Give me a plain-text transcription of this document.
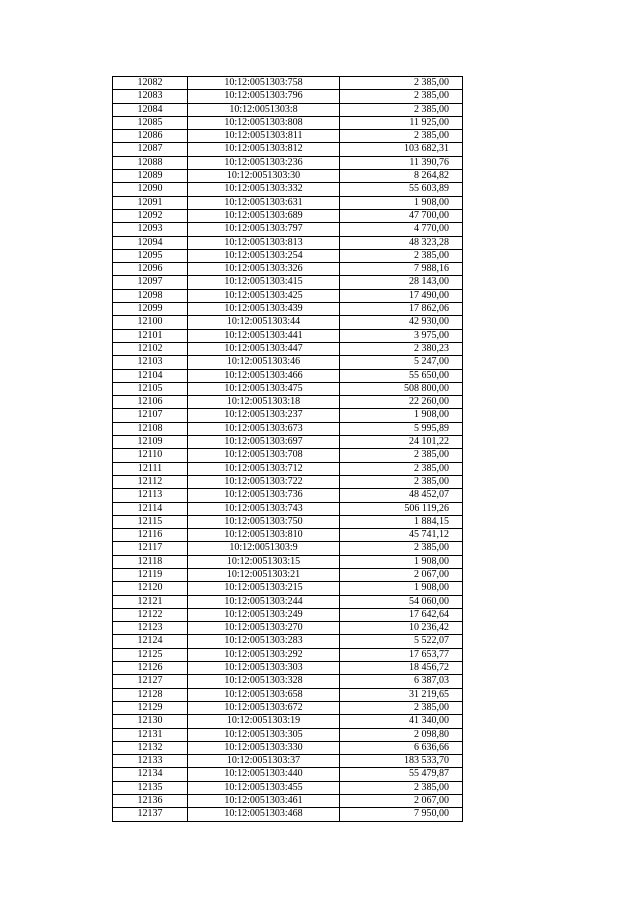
12082	10:12:0051303:758	2 385,00
12083	10:12:0051303:796	2 385,00
12084	10:12:0051303:8	2 385,00
12085	10:12:0051303:808	11 925,00
12086	10:12:0051303:811	2 385,00
12087	10:12:0051303:812	103 682,31
12088	10:12:0051303:236	11 390,76
12089	10:12:0051303:30	8 264,82
12090	10:12:0051303:332	55 603,89
12091	10:12:0051303:631	1 908,00
12092	10:12:0051303:689	47 700,00
12093	10:12:0051303:797	4 770,00
12094	10:12:0051303:813	48 323,28
12095	10:12:0051303:254	2 385,00
12096	10:12:0051303:326	7 988,16
12097	10:12:0051303:415	28 143,00
12098	10:12:0051303:425	17 490,00
12099	10:12:0051303:439	17 862,06
12100	10:12:0051303:44	42 930,00
12101	10:12:0051303:441	3 975,00
12102	10:12:0051303:447	2 380,23
12103	10:12:0051303:46	5 247,00
12104	10:12:0051303:466	55 650,00
12105	10:12:0051303:475	508 800,00
12106	10:12:0051303:18	22 260,00
12107	10:12:0051303:237	1 908,00
12108	10:12:0051303:673	5 995,89
12109	10:12:0051303:697	24 101,22
12110	10:12:0051303:708	2 385,00
12111	10:12:0051303:712	2 385,00
12112	10:12:0051303:722	2 385,00
12113	10:12:0051303:736	48 452,07
12114	10:12:0051303:743	506 119,26
12115	10:12:0051303:750	1 884,15
12116	10:12:0051303:810	45 741,12
12117	10:12:0051303:9	2 385,00
12118	10:12:0051303:15	1 908,00
12119	10:12:0051303:21	2 067,00
12120	10:12:0051303:215	1 908,00
12121	10:12:0051303:244	54 060,00
12122	10:12:0051303:249	17 642,64
12123	10:12:0051303:270	10 236,42
12124	10:12:0051303:283	5 522,07
12125	10:12:0051303:292	17 653,77
12126	10:12:0051303:303	18 456,72
12127	10:12:0051303:328	6 387,03
12128	10:12:0051303:658	31 219,65
12129	10:12:0051303:672	2 385,00
12130	10:12:0051303:19	41 340,00
12131	10:12:0051303:305	2 098,80
12132	10:12:0051303:330	6 636,66
12133	10:12:0051303:37	183 533,70
12134	10:12:0051303:440	55 479,87
12135	10:12:0051303:455	2 385,00
12136	10:12:0051303:461	2 067,00
12137	10:12:0051303:468	7 950,00
